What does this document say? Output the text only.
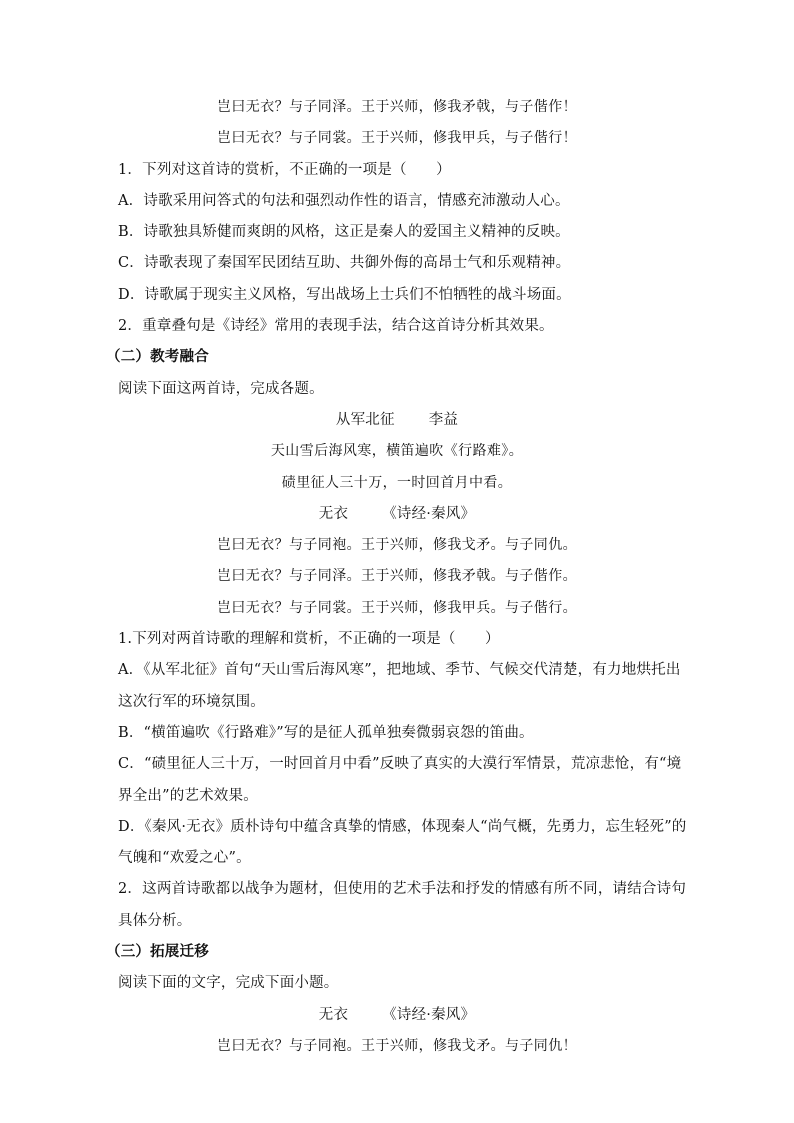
岂曰无衣？与子同泽。王于兴师，修我矛戟，与子偕作！
岂曰无衣？与子同裳。王于兴师，修我甲兵，与子偕行！
1．下列对这首诗的赏析，不正确的一项是（　　）
A．诗歌采用问答式的句法和强烈动作性的语言，情感充沛激动人心。
B．诗歌独具矫健而爽朗的风格，这正是秦人的爱国主义精神的反映。
C．诗歌表现了秦国军民团结互助、共御外侮的高昂士气和乐观精神。
D．诗歌属于现实主义风格，写出战场上士兵们不怕牺牲的战斗场面。
2．重章叠句是《诗经》常用的表现手法，结合这首诗分析其效果。
（二）教考融合
阅读下面这两首诗，完成各题。
从军北征 李益
天山雪后海风寒，横笛遍吹《行路难》。
碛里征人三十万，一时回首月中看。
无衣 《诗经·秦风》
岂曰无衣？与子同袍。王于兴师，修我戈矛。与子同仇。
岂曰无衣？与子同泽。王于兴师，修我矛戟。与子偕作。
岂曰无衣？与子同裳。王于兴师，修我甲兵。与子偕行。
1.下列对两首诗歌的理解和赏析，不正确的一项是（　　）
A．《从军北征》首句“天山雪后海风寒”，把地域、季节、气候交代清楚，有力地烘托出这次行军的环境氛围。
B．“横笛遍吹《行路难》”写的是征人孤单独奏微弱哀怨的笛曲。
C．“碛里征人三十万，一时回首月中看”反映了真实的大漠行军情景，荒凉悲怆，有“境界全出”的艺术效果。
D．《秦风·无衣》质朴诗句中蕴含真挚的情感，体现秦人“尚气概，先勇力，忘生轻死”的气魄和“欢爱之心”。
2．这两首诗歌都以战争为题材，但使用的艺术手法和抒发的情感有所不同，请结合诗句具体分析。
（三）拓展迁移
阅读下面的文字，完成下面小题。
无衣 《诗经·秦风》
岂曰无衣？与子同袍。王于兴师，修我戈矛。与子同仇！
